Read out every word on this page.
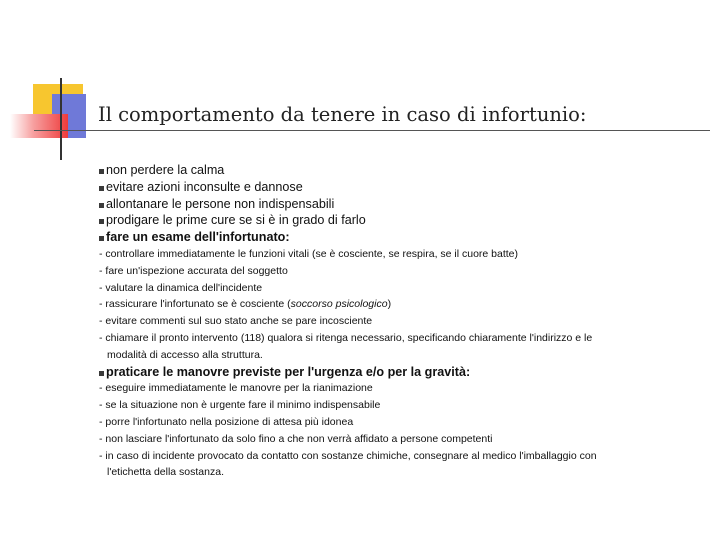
Il comportamento da tenere in caso di infortunio:
non perdere la calma
evitare azioni inconsulte e dannose
allontanare le persone non indispensabili
prodigare le prime cure se si è in grado di farlo
fare un esame dell'infortunato:
- controllare immediatamente le funzioni vitali (se è cosciente, se respira, se il cuore batte)
- fare un'ispezione accurata del soggetto
- valutare la dinamica dell'incidente
- rassicurare l'infortunato se è cosciente (soccorso psicologico)
- evitare commenti sul suo stato anche se pare incosciente
- chiamare il pronto intervento (118) qualora si ritenga necessario, specificando chiaramente l'indirizzo e le
modalità di accesso alla struttura.
praticare le manovre previste per l'urgenza e/o per la gravità:
- eseguire immediatamente le manovre per la rianimazione
- se la situazione non è urgente fare il minimo indispensabile
- porre l'infortunato nella posizione di attesa più idonea
- non lasciare l'infortunato da solo fino a che non verrà affidato a persone competenti
- in caso di incidente provocato da contatto con sostanze chimiche, consegnare al medico l'imballaggio con
l'etichetta della sostanza.
